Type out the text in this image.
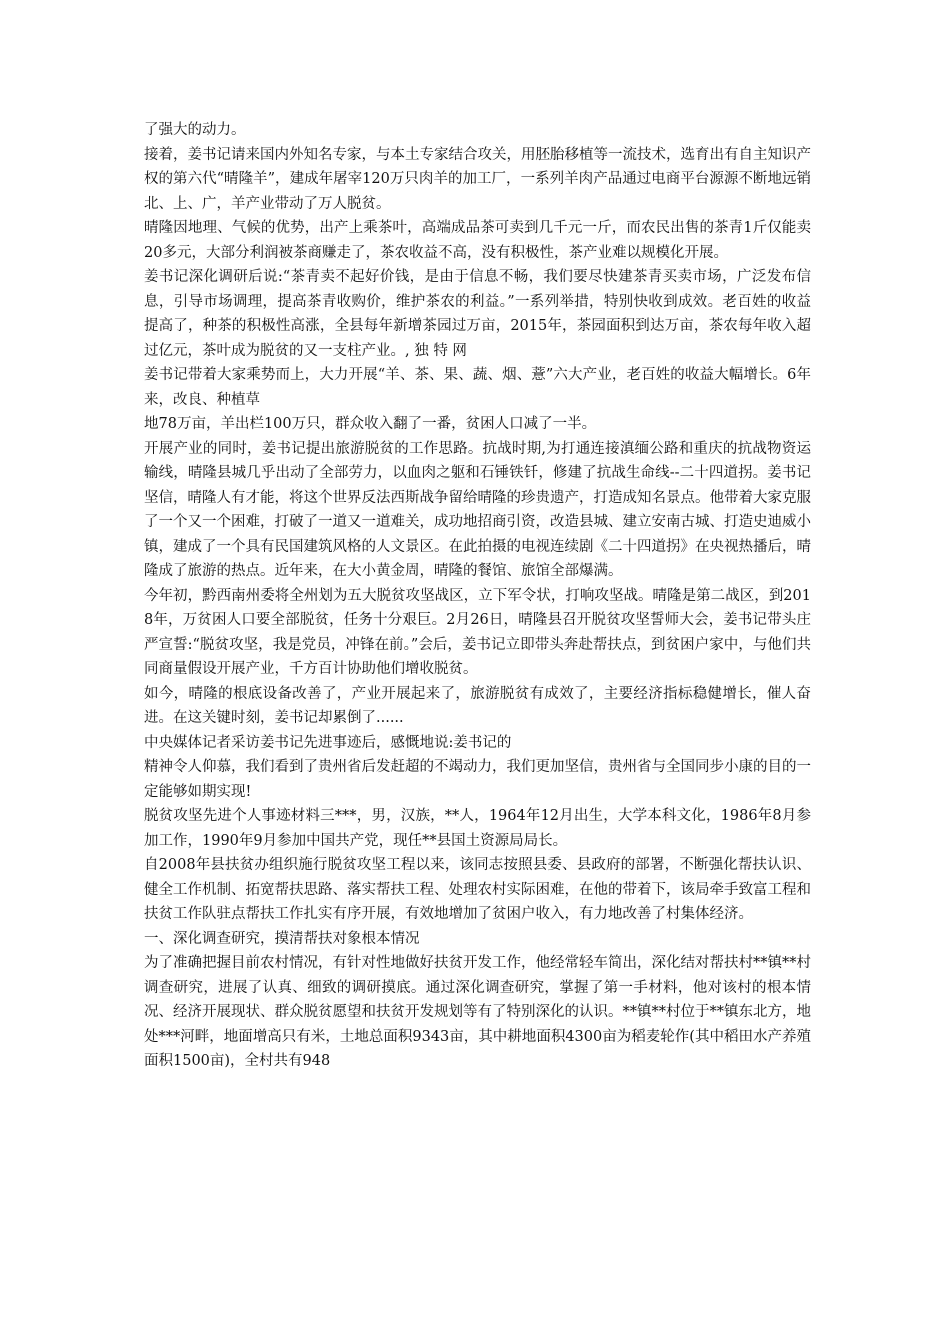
了强大的动力。

接着，姜书记请来国内外知名专家，与本土专家结合攻关，用胚胎移植等一流技术，选育出有自主知识产权的第六代“晴隆羊”，建成年屠宰120万只肉羊的加工厂，一系列羊肉产品通过电商平台源源不断地远销北、上、广，羊产业带动了万人脱贫。

晴隆因地理、气候的优势，出产上乘茶叶，高端成品茶可卖到几千元一斤，而农民出售的茶青1斤仅能卖20多元，大部分利润被茶商赚走了，茶农收益不高，没有积极性，茶产业难以规模化开展。

姜书记深化调研后说:“茶青卖不起好价钱，是由于信息不畅，我们要尽快建茶青买卖市场，广泛发布信息，引导市场调理，提高茶青收购价，维护茶农的利益。”一系列举措，特别快收到成效。老百姓的收益提高了，种茶的积极性高涨，全县每年新增茶园过万亩，2015年，茶园面积到达万亩，茶农每年收入超过亿元，茶叶成为脱贫的又一支柱产业。, 独 特 网

姜书记带着大家乘势而上，大力开展“羊、茶、果、蔬、烟、薏”六大产业，老百姓的收益大幅增长。6年来，改良、种植草

地78万亩，羊出栏100万只，群众收入翻了一番，贫困人口减了一半。

开展产业的同时，姜书记提出旅游脱贫的工作思路。抗战时期,为打通连接滇缅公路和重庆的抗战物资运输线，晴隆县城几乎出动了全部劳力，以血肉之躯和石锤铁钎，修建了抗战生命线--二十四道拐。姜书记坚信，晴隆人有才能，将这个世界反法西斯战争留给晴隆的珍贵遗产，打造成知名景点。他带着大家克服了一个又一个困难，打破了一道又一道难关，成功地招商引资，改造县城、建立安南古城、打造史迪威小镇，建成了一个具有民国建筑风格的人文景区。在此拍摄的电视连续剧《二十四道拐》在央视热播后，晴隆成了旅游的热点。近年来，在大小黄金周，晴隆的餐馆、旅馆全部爆满。

今年初，黔西南州委将全州划为五大脱贫攻坚战区，立下军令状，打响攻坚战。晴隆是第二战区，到2018年，万贫困人口要全部脱贫，任务十分艰巨。2月26日，晴隆县召开脱贫攻坚誓师大会，姜书记带头庄严宣誓:“脱贫攻坚，我是党员，冲锋在前。”会后，姜书记立即带头奔赴帮扶点，到贫困户家中，与他们共同商量假设开展产业，千方百计协助他们增收脱贫。

如今，晴隆的根底设备改善了，产业开展起来了，旅游脱贫有成效了，主要经济指标稳健增长，催人奋进。在这关键时刻，姜书记却累倒了......

中央媒体记者采访姜书记先进事迹后，感慨地说:姜书记的

精神令人仰慕，我们看到了贵州省后发赶超的不竭动力，我们更加坚信，贵州省与全国同步小康的目的一定能够如期实现!

脱贫攻坚先进个人事迹材料三***，男，汉族，**人，1964年12月出生，大学本科文化，1986年8月参加工作，1990年9月参加中国共产党，现任**县国土资源局局长。

自2008年县扶贫办组织施行脱贫攻坚工程以来，该同志按照县委、县政府的部署，不断强化帮扶认识、健全工作机制、拓宽帮扶思路、落实帮扶工程、处理农村实际困难，在他的带着下，该局牵手致富工程和扶贫工作队驻点帮扶工作扎实有序开展，有效地增加了贫困户收入，有力地改善了村集体经济。

一、深化调查研究，摸清帮扶对象根本情况

为了准确把握目前农村情况，有针对性地做好扶贫开发工作，他经常轻车简出，深化结对帮扶村**镇**村调查研究，进展了认真、细致的调研摸底。通过深化调查研究，掌握了第一手材料，他对该村的根本情况、经济开展现状、群众脱贫愿望和扶贫开发规划等有了特别深化的认识。**镇**村位于**镇东北方，地处***河畔，地面增高只有米，土地总面积9343亩，其中耕地面积4300亩为稻麦轮作(其中稻田水产养殖面积1500亩)，全村共有948
